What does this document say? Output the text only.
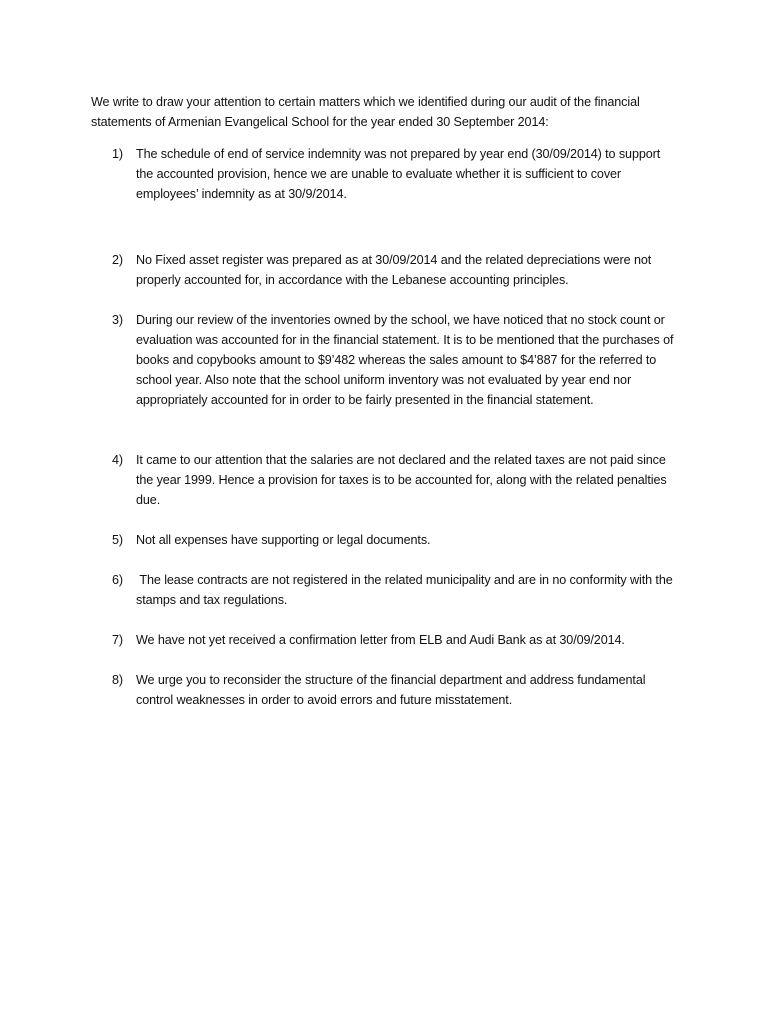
We write to draw your attention to certain matters which we identified during our audit of the financial statements of Armenian Evangelical School for the year ended 30 September 2014:

1)	The schedule of end of service indemnity was not prepared by year end (30/09/2014) to support the accounted provision, hence we are unable to evaluate whether it is sufficient to cover employees’ indemnity as at 30/9/2014.
2)	No Fixed asset register was prepared as at 30/09/2014 and the related depreciations were not properly accounted for, in accordance with the Lebanese accounting principles.
3)	During our review of the inventories owned by the school, we have noticed that no stock count or evaluation was accounted for in the financial statement. It is to be mentioned that the purchases of books and copybooks amount to $9’482 whereas the sales amount to $4’887 for the referred to school year. Also note that the school uniform inventory was not evaluated by year end nor appropriately accounted for in order to be fairly presented in the financial statement.
4)	It came to our attention that the salaries are not declared and the related taxes are not paid since the year 1999. Hence a provision for taxes is to be accounted for, along with the related penalties due.
5)	Not all expenses have supporting or legal documents.
6)	The lease contracts are not registered in the related municipality and are in no conformity with the stamps and tax regulations.
7)	We have not yet received a confirmation letter from ELB and Audi Bank as at 30/09/2014.
8)	We urge you to reconsider the structure of the financial department and address fundamental control weaknesses in order to avoid errors and future misstatement.
